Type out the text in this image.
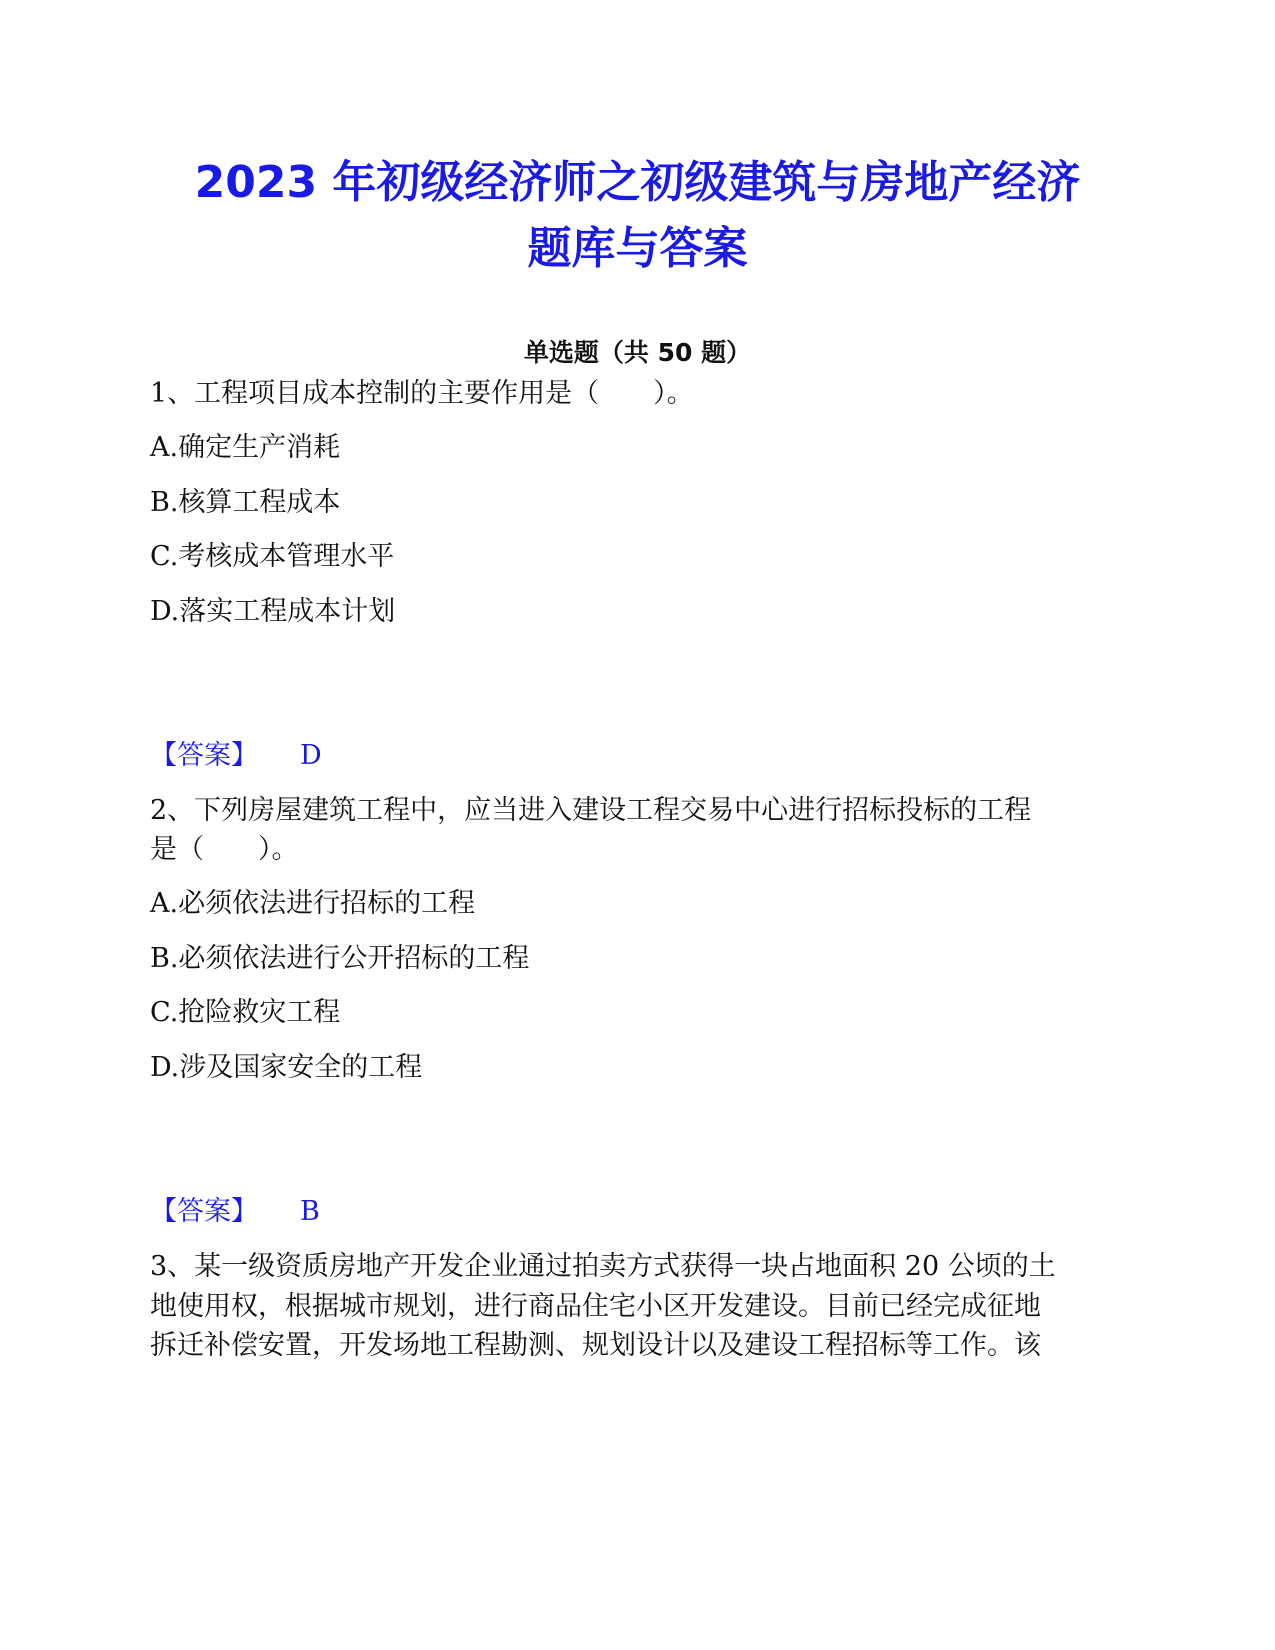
2023 年初级经济师之初级建筑与房地产经济
题库与答案
单选题（共 50 题）
1、工程项目成本控制的主要作用是（　　）。
A.确定生产消耗
B.核算工程成本
C.考核成本管理水平
D.落实工程成本计划
【答案】 D
2、下列房屋建筑工程中，应当进入建设工程交易中心进行招标投标的工程
是（　　）。
A.必须依法进行招标的工程
B.必须依法进行公开招标的工程
C.抢险救灾工程
D.涉及国家安全的工程
【答案】 B
3、某一级资质房地产开发企业通过拍卖方式获得一块占地面积 20 公顷的土
地使用权，根据城市规划，进行商品住宅小区开发建设。目前已经完成征地
拆迁补偿安置，开发场地工程勘测、规划设计以及建设工程招标等工作。该
